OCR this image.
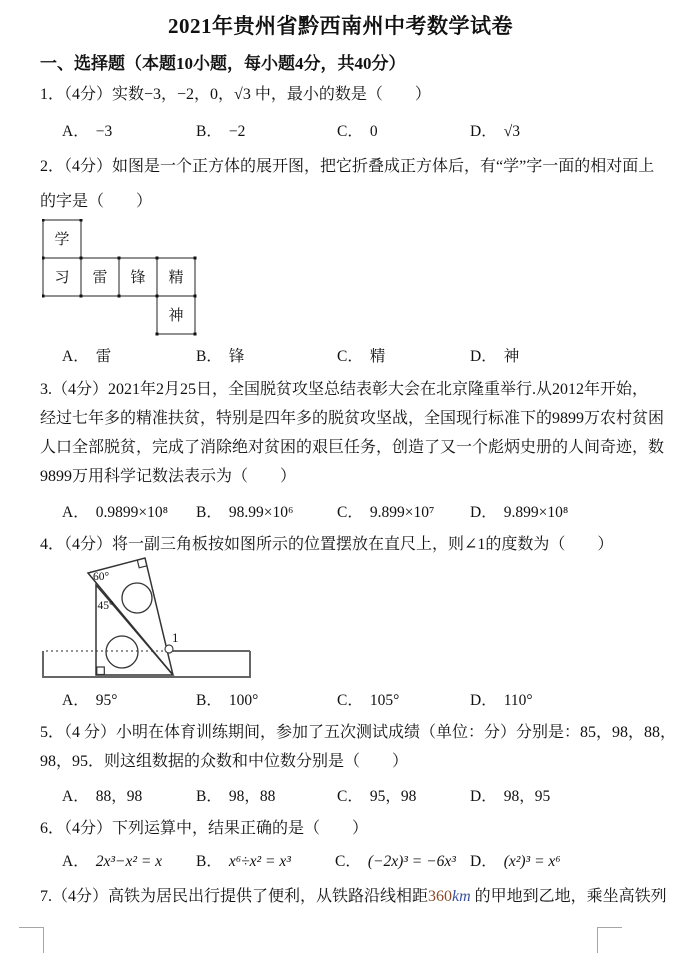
2021年贵州省黔西南州中考数学试卷
一、选择题（本题10小题，每小题4分，共40分）
1．（4分）实数−3，−2，0，√3 中，最小的数是（　　）
A． −3	B． −2	C． 0	D． √3
2．（4分）如图是一个正方体的展开图，把它折叠成正方体后，有“学”字一面的相对面上
的字是（　　）
学
习 雷 锋 精
神
A． 雷	B． 锋	C． 精	D． 神
3.（4分）2021年2月25日，全国脱贫攻坚总结表彰大会在北京隆重举行.从2012年开始，
经过七年多的精准扶贫，特别是四年多的脱贫攻坚战，全国现行标准下的9899万农村贫困
人口全部脱贫，完成了消除绝对贫困的艰巨任务，创造了又一个彪炳史册的人间奇迹，数
9899万用科学记数法表示为（　　）
A． 0.9899×10⁸ B． 98.99×10⁶	C． 9.899×10⁷ D． 9.899×10⁸
4．（4分）将一副三角板按如图所示的位置摆放在直尺上，则∠1的度数为（　　）
60°
45°
1
A． 95°	B． 100°	C． 105°	D． 110°
5．（4 分）小明在体育训练期间，参加了五次测试成绩（单位：分）分别是：85，98，88，
98，95．则这组数据的众数和中位数分别是（　　）
A． 88，98	B． 98，88	C． 95，98	D． 98，95
6．（4分）下列运算中，结果正确的是（　　）
A． 2x³−x² = x B． x⁶÷x² = x³	C． (−2x)³ = −6x³ D． (x²)³ = x⁶
7.（4分）高铁为居民出行提供了便利，从铁路沿线相距360km 的甲地到乙地，乘坐高铁列
